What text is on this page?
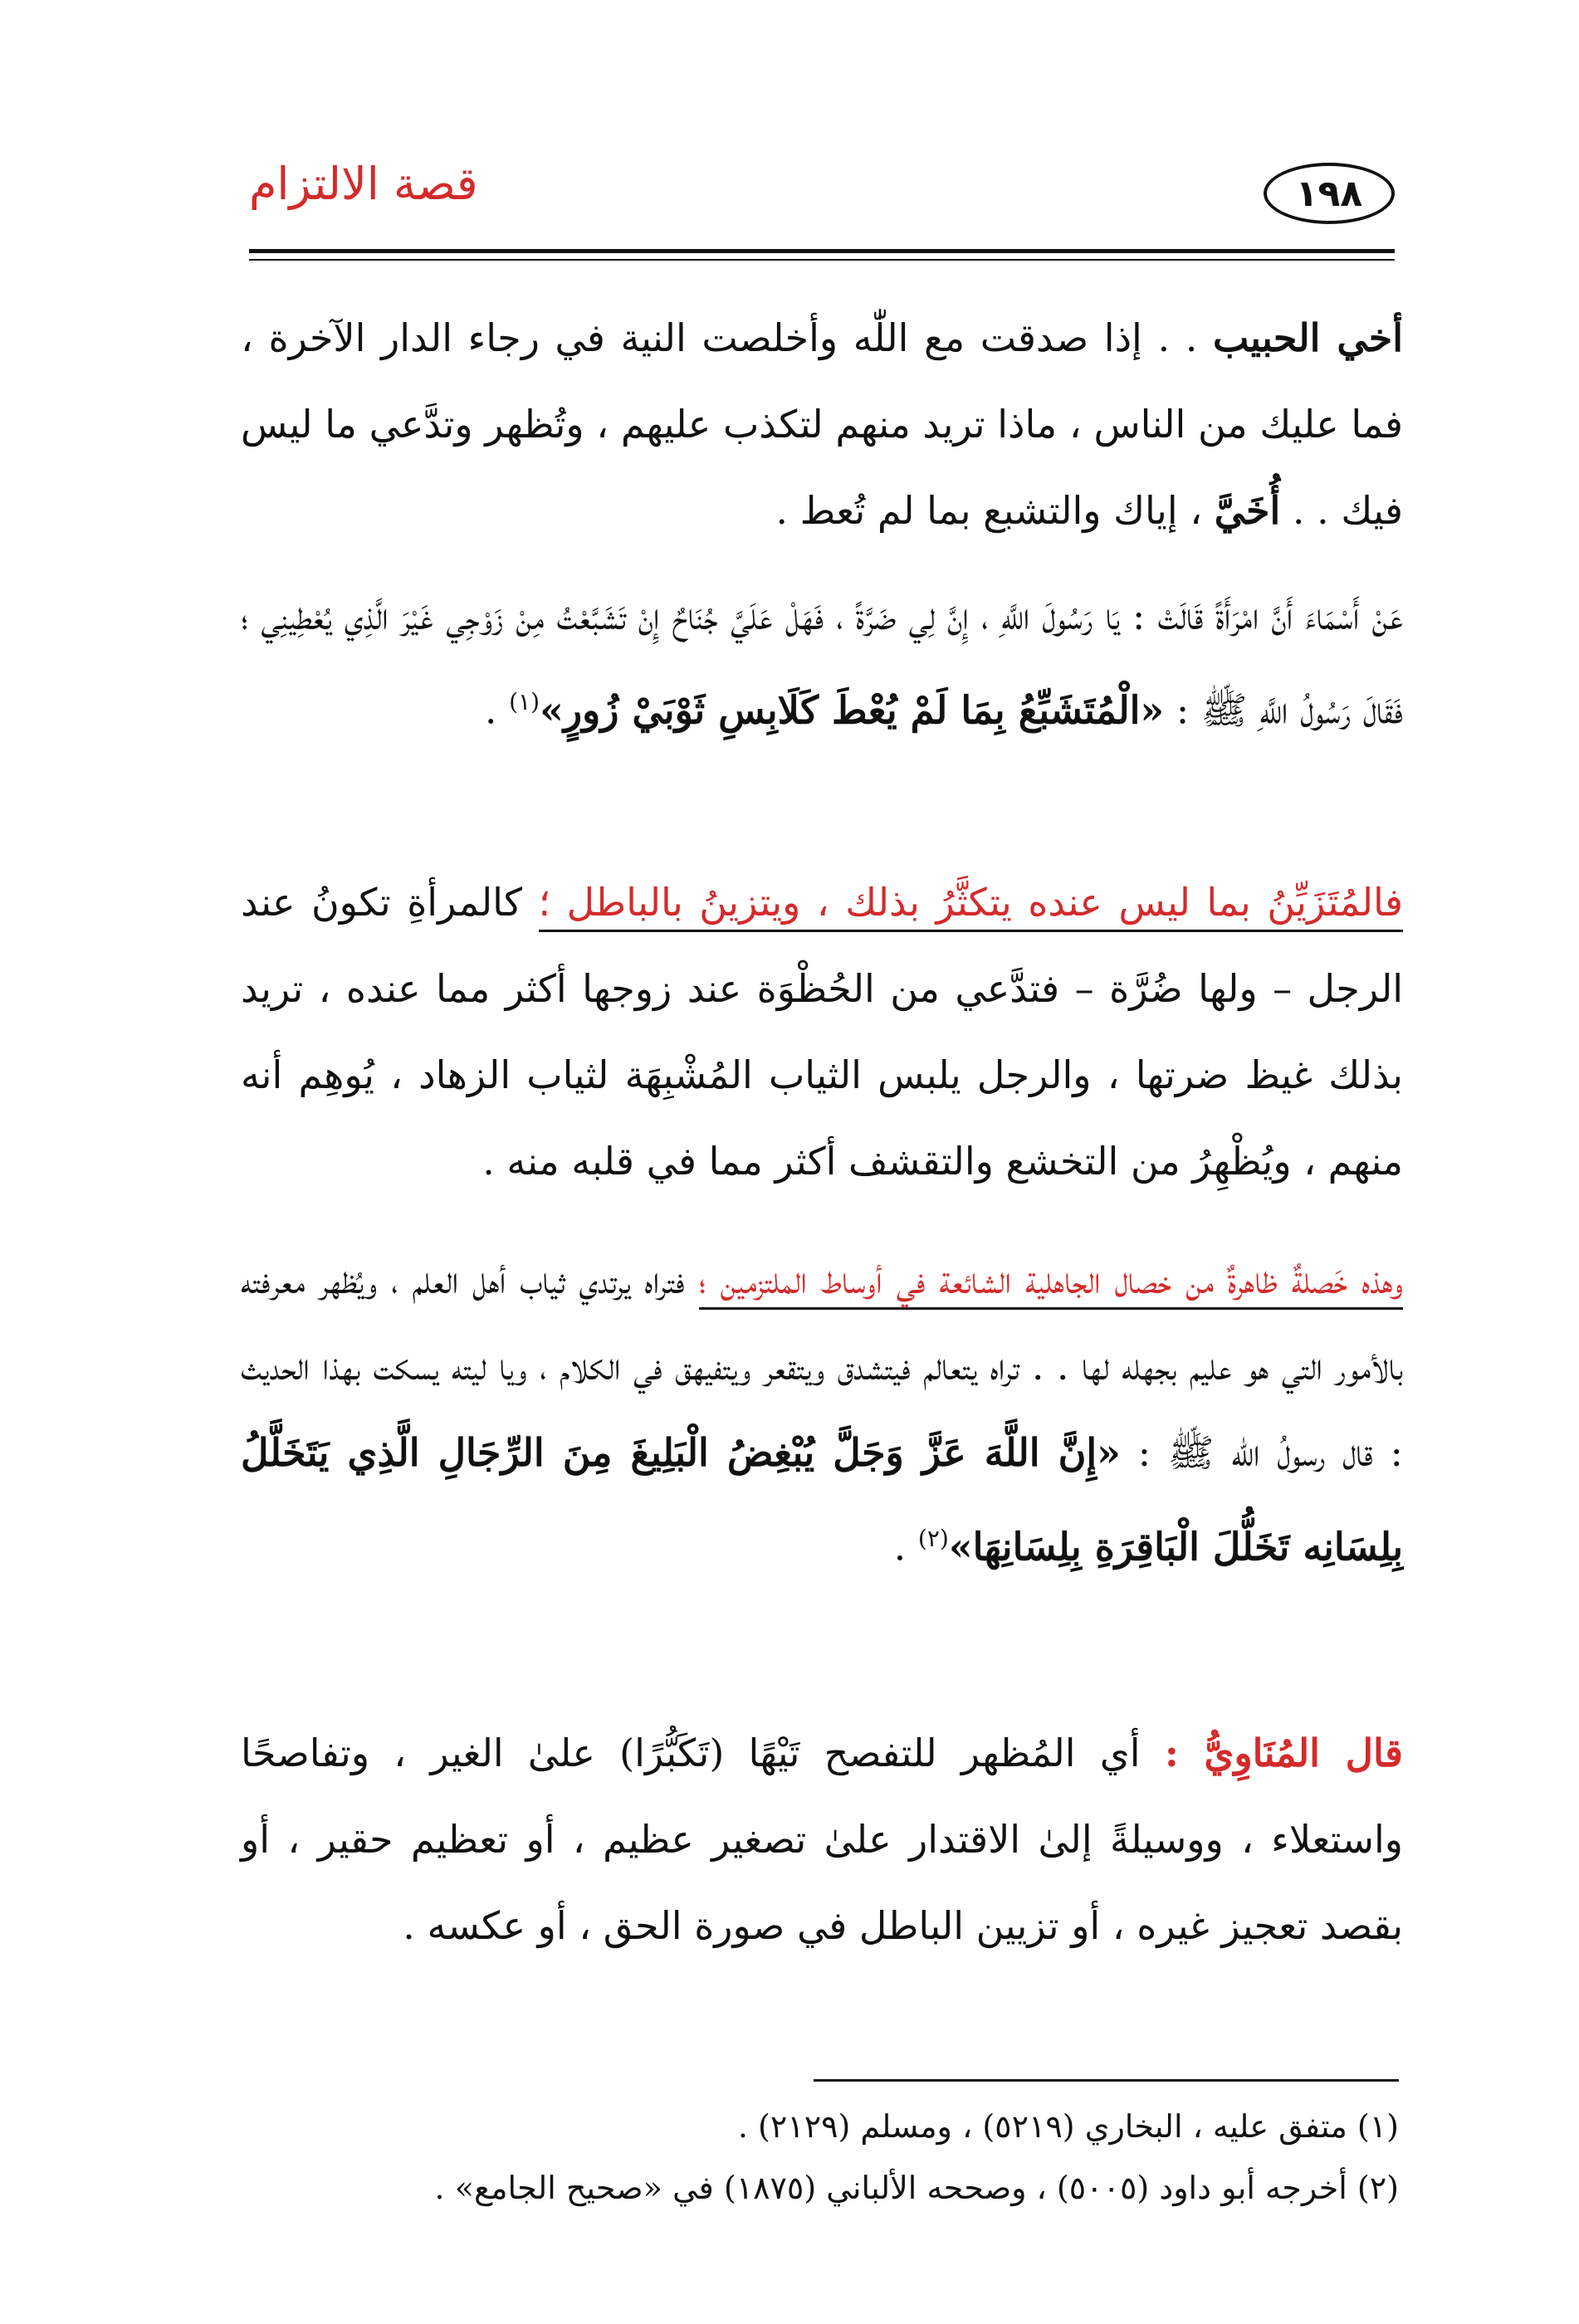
قصة الالتزام	١٩٨
أخي الحبيب . . إذا صدقت مع اللّٰه وأخلصت النية في رجاء الدار الآخرة ، فما عليك من الناس ، ماذا تريد منهم لتكذب عليهم ، وتُظهر وتدَّعي ما ليس فيك . . أُخَيَّ ، إياك والتشبع بما لم تُعط .
عَنْ أَسْمَاءَ أَنَّ امْرَأَةً قَالَتْ : يَا رَسُولَ اللَّهِ ، إِنَّ لِي ضَرَّةً ، فَهَلْ عَلَيَّ جُنَاحٌ إِنْ تَشَبَّعْتُ مِنْ زَوْجِي غَيْرَ الَّذِي يُعْطِينِي ؛ فَقَالَ رَسُولُ اللَّهِ ﷺ : «الْمُتَشَبِّعُ بِمَا لَمْ يُعْطَ كَلَابِسِ ثَوْبَيْ زُورٍ»$^{(١)}$ .
فالمُتَزَيِّنُ بما ليس عنده يتكثَّرُ بذلك ، ويتزينُ بالباطل ؛ كالمرأةِ تكونُ عند الرجل – ولها ضُرَّة – فتدَّعي من الحُظْوَة عند زوجها أكثر مما عنده ، تريد بذلك غيظ ضرتها ، والرجل يلبس الثياب المُشْبِهَة لثياب الزهاد ، يُوهِم أنه منهم ، ويُظْهِرُ من التخشع والتقشف أكثر مما في قلبه منه .
وهذه خَصلةٌ ظاهرةٌ من خصال الجاهلية الشائعة في أوساط الملتزمين ؛ فتراه يرتدي ثياب أهل العلم ، ويُظهر معرفته بالأمور التي هو عليم بجهله لها . . تراه يتعالم فيتشدق ويتقعر ويتفيهق في الكلام ، ويا ليته يسكت بهذا الحديث : قال رسولُ اللّٰه ﷺ : «إِنَّ اللَّهَ عَزَّ وَجَلَّ يُبْغِضُ الْبَلِيغَ مِنَ الرِّجَالِ الَّذِي يَتَخَلَّلُ بِلِسَانِه تَخَلُّلَ الْبَاقِرَةِ بِلِسَانِهَا»$^{(٢)}$ .
قال المُنَاوِيُّ : أي المُظهر للتفصح تَيْهًا (تَكَبُّرًا) علىٰ الغير ، وتفاصحًا واستعلاء ، ووسيلةً إلىٰ الاقتدار علىٰ تصغير عظيم ، أو تعظيم حقير ، أو بقصد تعجيز غيره ، أو تزيين الباطل في صورة الحق ، أو عكسه .
(١) متفق عليه ، البخاري (٥٢١٩) ، ومسلم (٢١٢٩) .
(٢) أخرجه أبو داود (٥٠٠٥) ، وصححه الألباني (١٨٧٥) في «صحيح الجامع» .
